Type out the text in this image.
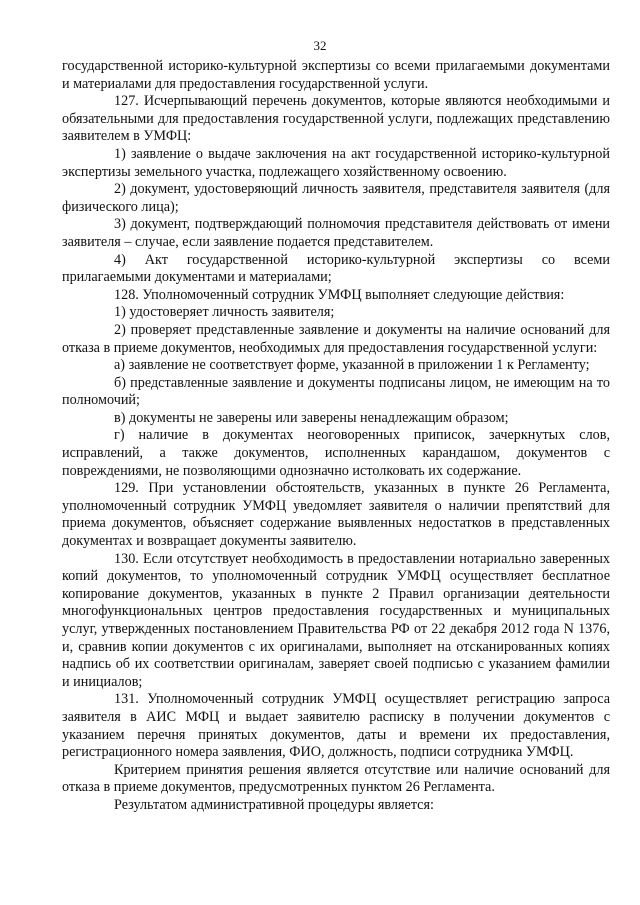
32

государственной историко-культурной экспертизы со всеми прилагаемыми документами и материалами для предоставления государственной услуги.

127. Исчерпывающий перечень документов, которые являются необходимыми и обязательными для предоставления государственной услуги, подлежащих представлению заявителем в УМФЦ:

1) заявление о выдаче заключения на акт государственной историко-культурной экспертизы земельного участка, подлежащего хозяйственному освоению.

2) документ, удостоверяющий личность заявителя, представителя заявителя (для физического лица);

3) документ, подтверждающий полномочия представителя действовать от имени заявителя – случае, если заявление подается представителем.

4) Акт государственной историко-культурной экспертизы со всеми прилагаемыми документами и материалами;

128. Уполномоченный сотрудник УМФЦ выполняет следующие действия:

1) удостоверяет личность заявителя;

2) проверяет представленные заявление и документы на наличие оснований для отказа в приеме документов, необходимых для предоставления государственной услуги:

а) заявление не соответствует форме, указанной в приложении 1 к Регламенту;

б) представленные заявление и документы подписаны лицом, не имеющим на то полномочий;

в) документы не заверены или заверены ненадлежащим образом;

г) наличие в документах неоговоренных приписок, зачеркнутых слов, исправлений, а также документов, исполненных карандашом, документов с повреждениями, не позволяющими однозначно истолковать их содержание.

129. При установлении обстоятельств, указанных в пункте 26 Регламента, уполномоченный сотрудник УМФЦ уведомляет заявителя о наличии препятствий для приема документов, объясняет содержание выявленных недостатков в представленных документах и возвращает документы заявителю.

130. Если отсутствует необходимость в предоставлении нотариально заверенных копий документов, то уполномоченный сотрудник УМФЦ осуществляет бесплатное копирование документов, указанных в пункте 2 Правил организации деятельности многофункциональных центров предоставления государственных и муниципальных услуг, утвержденных постановлением Правительства РФ от 22 декабря 2012 года N 1376, и, сравнив копии документов с их оригиналами, выполняет на отсканированных копиях надпись об их соответствии оригиналам, заверяет своей подписью с указанием фамилии и инициалов;

131. Уполномоченный сотрудник УМФЦ осуществляет регистрацию запроса заявителя в АИС МФЦ и выдает заявителю расписку в получении документов с указанием перечня принятых документов, даты и времени их предоставления, регистрационного номера заявления, ФИО, должность, подписи сотрудника УМФЦ.

Критерием принятия решения является отсутствие или наличие оснований для отказа в приеме документов, предусмотренных пунктом 26 Регламента.

Результатом административной процедуры является:
